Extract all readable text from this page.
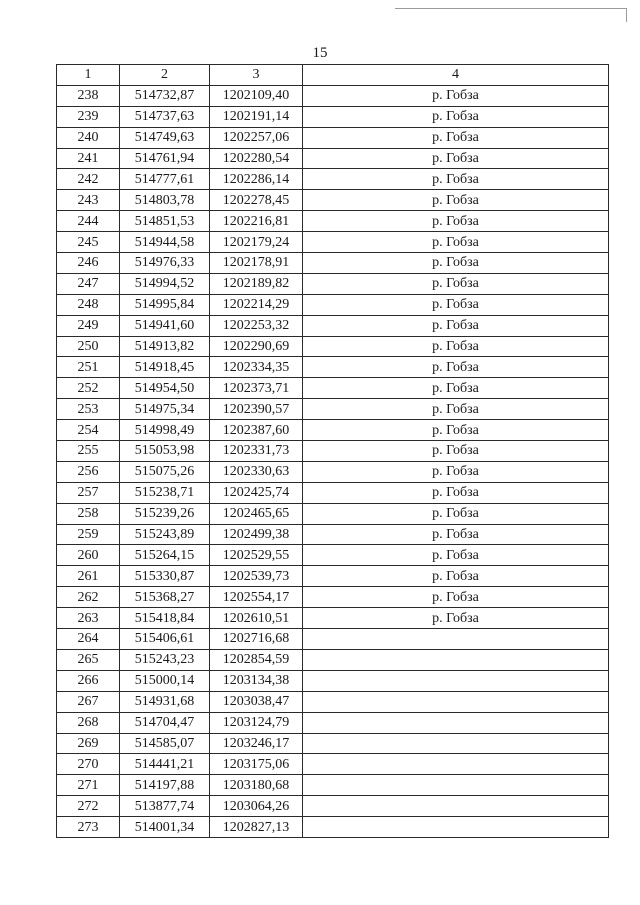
15
1	2	3	4
238	514732,87	1202109,40	р. Гобза
239	514737,63	1202191,14	р. Гобза
240	514749,63	1202257,06	р. Гобза
241	514761,94	1202280,54	р. Гобза
242	514777,61	1202286,14	р. Гобза
243	514803,78	1202278,45	р. Гобза
244	514851,53	1202216,81	р. Гобза
245	514944,58	1202179,24	р. Гобза
246	514976,33	1202178,91	р. Гобза
247	514994,52	1202189,82	р. Гобза
248	514995,84	1202214,29	р. Гобза
249	514941,60	1202253,32	р. Гобза
250	514913,82	1202290,69	р. Гобза
251	514918,45	1202334,35	р. Гобза
252	514954,50	1202373,71	р. Гобза
253	514975,34	1202390,57	р. Гобза
254	514998,49	1202387,60	р. Гобза
255	515053,98	1202331,73	р. Гобза
256	515075,26	1202330,63	р. Гобза
257	515238,71	1202425,74	р. Гобза
258	515239,26	1202465,65	р. Гобза
259	515243,89	1202499,38	р. Гобза
260	515264,15	1202529,55	р. Гобза
261	515330,87	1202539,73	р. Гобза
262	515368,27	1202554,17	р. Гобза
263	515418,84	1202610,51	р. Гобза
264	515406,61	1202716,68	
265	515243,23	1202854,59	
266	515000,14	1203134,38	
267	514931,68	1203038,47	
268	514704,47	1203124,79	
269	514585,07	1203246,17	
270	514441,21	1203175,06	
271	514197,88	1203180,68	
272	513877,74	1203064,26	
273	514001,34	1202827,13	
